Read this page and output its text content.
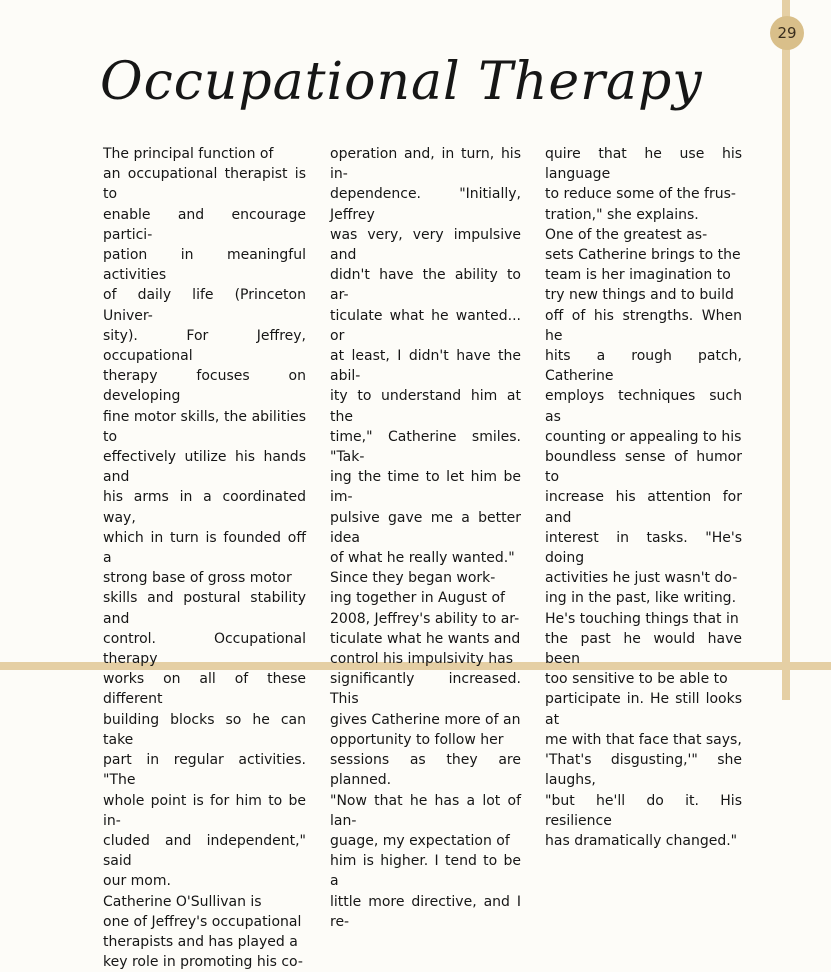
29
Occupational Therapy

The principal function of
an occupational therapist is to
enable and encourage partici-
pation in meaningful activities
of daily life (Princeton Univer-
sity). For Jeffrey, occupational
therapy focuses on developing
fine motor skills, the abilities to
effectively utilize his hands and
his arms in a coordinated way,
which in turn is founded off a
strong base of gross motor
skills and postural stability and
control. Occupational therapy
works on all of these different
building blocks so he can take
part in regular activities. "The
whole point is for him to be in-
cluded and independent," said
our mom.
Catherine O'Sullivan is
one of Jeffrey's occupational
therapists and has played a
key role in promoting his co-

operation and, in turn, his in-
dependence. "Initially, Jeffrey
was very, very impulsive and
didn't have the ability to ar-
ticulate what he wanted... or
at least, I didn't have the abil-
ity to understand him at the
time," Catherine smiles. "Tak-
ing the time to let him be im-
pulsive gave me a better idea
of what he really wanted."
Since they began work-
ing together in August of
2008, Jeffrey's ability to ar-
ticulate what he wants and
control his impulsivity has
significantly increased. This
gives Catherine more of an
opportunity to follow her
sessions as they are planned.
"Now that he has a lot of lan-
guage, my expectation of
him is higher. I tend to be a
little more directive, and I re-

quire that he use his language
to reduce some of the frus-
tration," she explains.
One of the greatest as-
sets Catherine brings to the
team is her imagination to
try new things and to build
off of his strengths. When he
hits a rough patch, Catherine
employs techniques such as
counting or appealing to his
boundless sense of humor to
increase his attention for and
interest in tasks. "He's doing
activities he just wasn't do-
ing in the past, like writing.
He's touching things that in
the past he would have been
too sensitive to be able to
participate in. He still looks at
me with that face that says,
'That's disgusting,'" she laughs,
"but he'll do it. His resilience
has dramatically changed."
